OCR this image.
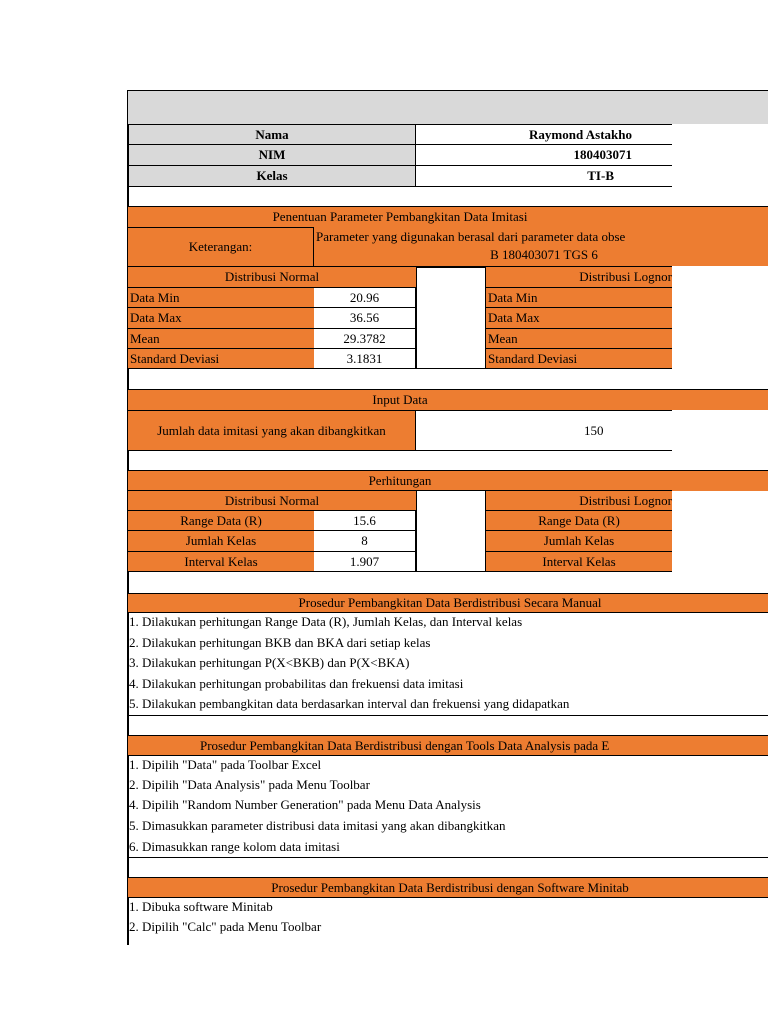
Nama	Raymond Astakho
NIM	180403071
Kelas	TI-B
Penentuan Parameter Pembangkitan Data Imitasi
Keterangan:
Parameter yang digunakan berasal dari parameter data obse
B 180403071 TGS 6
Distribusi Normal	Distribusi Lognor
Data Min	20.96	Data Min
Data Max	36.56	Data Max
Mean	29.3782	Mean
Standard Deviasi	3.1831	Standard Deviasi
Input Data
Jumlah data imitasi yang akan dibangkitkan	150
Perhitungan
Distribusi Normal	Distribusi Lognor
Range Data (R)	15.6	Range Data (R)
Jumlah Kelas	8	Jumlah Kelas
Interval Kelas	1.907	Interval Kelas
Prosedur Pembangkitan Data Berdistribusi Secara Manual
1. Dilakukan perhitungan Range Data (R), Jumlah Kelas, dan Interval kelas
2. Dilakukan perhitungan BKB dan BKA dari setiap kelas
3. Dilakukan perhitungan P(X<BKB) dan P(X<BKA)
4. Dilakukan perhitungan probabilitas dan frekuensi data imitasi
5. Dilakukan pembangkitan data berdasarkan interval dan frekuensi yang didapatkan
Prosedur Pembangkitan Data Berdistribusi dengan Tools Data Analysis pada E
1. Dipilih "Data" pada Toolbar Excel
2. Dipilih "Data Analysis" pada Menu Toolbar
4. Dipilih "Random Number Generation" pada Menu Data Analysis
5. Dimasukkan parameter distribusi data imitasi yang akan dibangkitkan
6. Dimasukkan range kolom data imitasi
Prosedur Pembangkitan Data Berdistribusi dengan Software Minitab
1. Dibuka software Minitab
2. Dipilih "Calc" pada Menu Toolbar
